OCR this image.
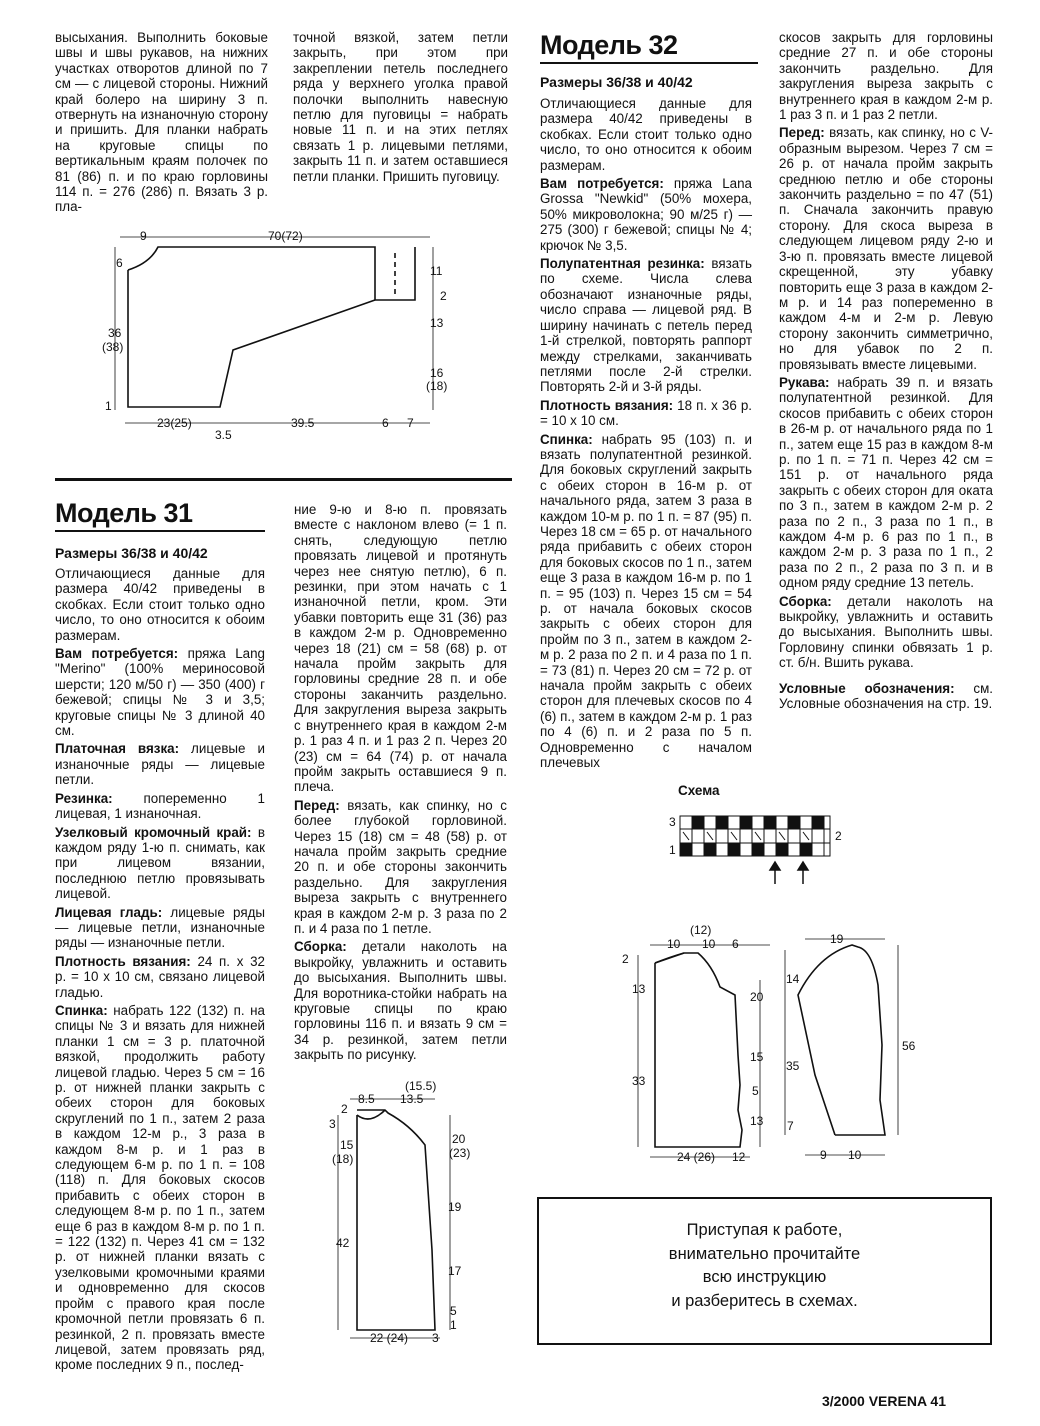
высыхания. Выполнить боковые швы и швы рукавов, на нижних участках отворотов длиной по 7 см — с лицевой стороны. Нижний край болеро на ширину 3 п. отвернуть на изнаночную сторону и пришить. Для планки набрать на круговые спицы по вертикальным краям полочек по 81 (86) п. и по краю горловины 114 п. = 276 (286) п. Вязать 3 р. пла-

точной вязкой, затем петли закрыть, при этом при закреплении петель последнего ряда у верхнего уголка правой полочки выполнить навесную петлю для пуговицы = набрать новые 11 п. и на этих петлях связать 1 р. лицевыми петлями, закрыть 11 п. и затем оставшиеся петли планки. Пришить пуговицу.

9	70(72)
6
11
2
13
36
(38)
16
(18)
1
23(25)	39.5	6 7
3.5
Модель 31
Размеры 36/38 и 40/42

Отличающиеся данные для размера 40/42 приведены в скобках. Если стоит только одно число, то оно относится к обоим размерам.

Вам потребуется: пряжа Lang "Merino" (100% мериносовой шерсти; 120 м/50 г) — 350 (400) г бежевой; спицы № 3 и 3,5; круговые спицы № 3 длиной 40 см.

Платочная вязка: лицевые и изнаночные ряды — лицевые петли.

Резинка: попеременно 1 лицевая, 1 изнаночная.

Узелковый кромочный край: в каждом ряду 1-ю п. снимать, как при лицевом вязании, последнюю петлю провязывать лицевой.

Лицевая гладь: лицевые ряды — лицевые петли, изнаночные ряды — изнаночные петли.

Плотность вязания: 24 п. х 32 р. = 10 х 10 см, связано лицевой гладью.

Спинка: набрать 122 (132) п. на спицы № 3 и вязать для нижней планки 1 см = 3 р. платочной вязкой, продолжить работу лицевой гладью. Через 5 см = 16 р. от нижней планки закрыть с обеих сторон для боковых скруглений по 1 п., затем 2 раза в каждом 12-м р., 3 раза в каждом 8-м р. и 1 раз в следующем 6-м р. по 1 п. = 108 (118) п. Для боковых скосов прибавить с обеих сторон в следующем 8-м р. по 1 п., затем еще 6 раз в каждом 8-м р. по 1 п. = 122 (132) п. Через 41 см = 132 р. от нижней планки вязать с узелковыми кромочными краями и одновременно для скосов пройм с правого края после кромочной петли провязать 6 п. резинкой, 2 п. провязать вместе лицевой, затем провязать ряд, кроме последних 9 п., послед-

ние 9-ю и 8-ю п. провязать вместе с наклоном влево (= 1 п. снять, следующую петлю провязать лицевой и протянуть через нее снятую петлю), 6 п. резинки, при этом начать с 1 изнаночной петли, кром. Эти убавки повторить еще 31 (36) раз в каждом 2-м р. Одновременно через 18 (21) см = 58 (68) р. от начала пройм закрыть для горловины средние 28 п. и обе стороны заканчить раздельно. Для закругления выреза закрыть с внутреннего края в каждом 2-м р. 1 раз 4 п. и 1 раз 2 п. Через 20 (23) см = 64 (74) р. от начала пройм закрыть оставшиеся 9 п. плеча.

Перед: вязать, как спинку, но с более глубокой горловиной. Через 15 (18) см = 48 (58) р. от начала пройм закрыть средние 20 п. и обе стороны закончить раздельно. Для закругления выреза закрыть с внутреннего края в каждом 2-м р. 3 раза по 2 п. и 4 раза по 1 петле.

Сборка: детали наколоть на выкройку, увлажнить и оставить до высыхания. Выполнить швы. Для воротника-стойки набрать на круговые спицы по краю горловины 116 п. и вязать 9 см = 34 р. резинкой, затем петли закрыть по рисунку.

(15.5)
8.5 13.5
2
3
15
(18)
20
(23)
19
42
17
5
1
22 (24) 3
Модель 32
Размеры 36/38 и 40/42

Отличающиеся данные для размера 40/42 приведены в скобках. Если стоит только одно число, то оно относится к обоим размерам.

Вам потребуется: пряжа Lana Grossa "Newkid" (50% мохера, 50% микроволокна; 90 м/25 г) — 275 (300) г бежевой; спицы № 4; крючок № 3,5.

Полупатентная резинка: вязать по схеме. Числа слева обозначают изнаночные ряды, число справа — лицевой ряд. В ширину начинать с петель перед 1-й стрелкой, повторять раппорт между стрелками, заканчивать петлями после 2-й стрелки. Повторять 2-й и 3-й ряды.

Плотность вязания: 18 п. х 36 р. = 10 х 10 см.

Спинка: набрать 95 (103) п. и вязать полупатентной резинкой. Для боковых скруглений закрыть с обеих сторон в 16-м р. от начального ряда, затем 3 раза в каждом 10-м р. по 1 п. = 87 (95) п. Через 18 см = 65 р. от начального ряда прибавить с обеих сторон для боковых скосов по 1 п., затем еще 3 раза в каждом 16-м р. по 1 п. = 95 (103) п. Через 15 см = 54 р. от начала боковых скосов закрыть с обеих сторон для пройм по 3 п., затем в каждом 2-м р. 2 раза по 2 п. и 4 раза по 1 п. = 73 (81) п. Через 20 см = 72 р. от начала пройм закрыть с обеих сторон для плечевых скосов по 4 (6) п., затем в каждом 2-м р. 1 раз по 4 (6) п. и 2 раза по 5 п. Одновременно с началом плечевых

скосов закрыть для горловины средние 27 п. и обе стороны закончить раздельно. Для закругления выреза закрыть с внутреннего края в каждом 2-м р. 1 раз 3 п. и 1 раз 2 петли.

Перед: вязать, как спинку, но с V-образным вырезом. Через 7 см = 26 р. от начала пройм закрыть среднюю петлю и обе стороны закончить раздельно = по 47 (51) п. Сначала закончить правую сторону. Для скоса выреза в следующем лицевом ряду 2-ю и 3-ю п. провязать вместе лицевой скрещенной, эту убавку повторить еще 3 раза в каждом 2-м р. и 14 раз попеременно в каждом 4-м и 2-м р. Левую сторону закончить симметрично, но для убавок по 2 п. провязывать вместе лицевыми.

Рукава: набрать 39 п. и вязать полупатентной резинкой. Для скосов прибавить с обеих сторон в 26-м р. от начального ряда по 1 п., затем еще 15 раз в каждом 8-м р. по 1 п. = 71 п. Через 42 см = 151 р. от начального ряда закрыть с обеих сторон для оката по 3 п., затем в каждом 2-м р. 2 раза по 2 п., 3 раза по 1 п., в каждом 4-м р. 6 раз по 1 п., в каждом 2-м р. 3 раза по 1 п., 2 раза по 2 п., 2 раза по 3 п. и в одном ряду средние 13 петель.

Сборка: детали наколоть на выкройку, увлажнить и оставить до высыхания. Выполнить швы. Горловину спинки обвязать 1 р. ст. б/н. Вшить рукава.

Условные обозначения: см. Условные обозначения на стр. 19.

Схема
3
1
2
(12)
10 10 6
2
13
20
15
5
13
33
24 (26) 12
19
14
35
56
7
9 10
Приступая к работе,
внимательно прочитайте
всю инструкцию
и разберитесь в схемах.
3/2000 VERENA 41
